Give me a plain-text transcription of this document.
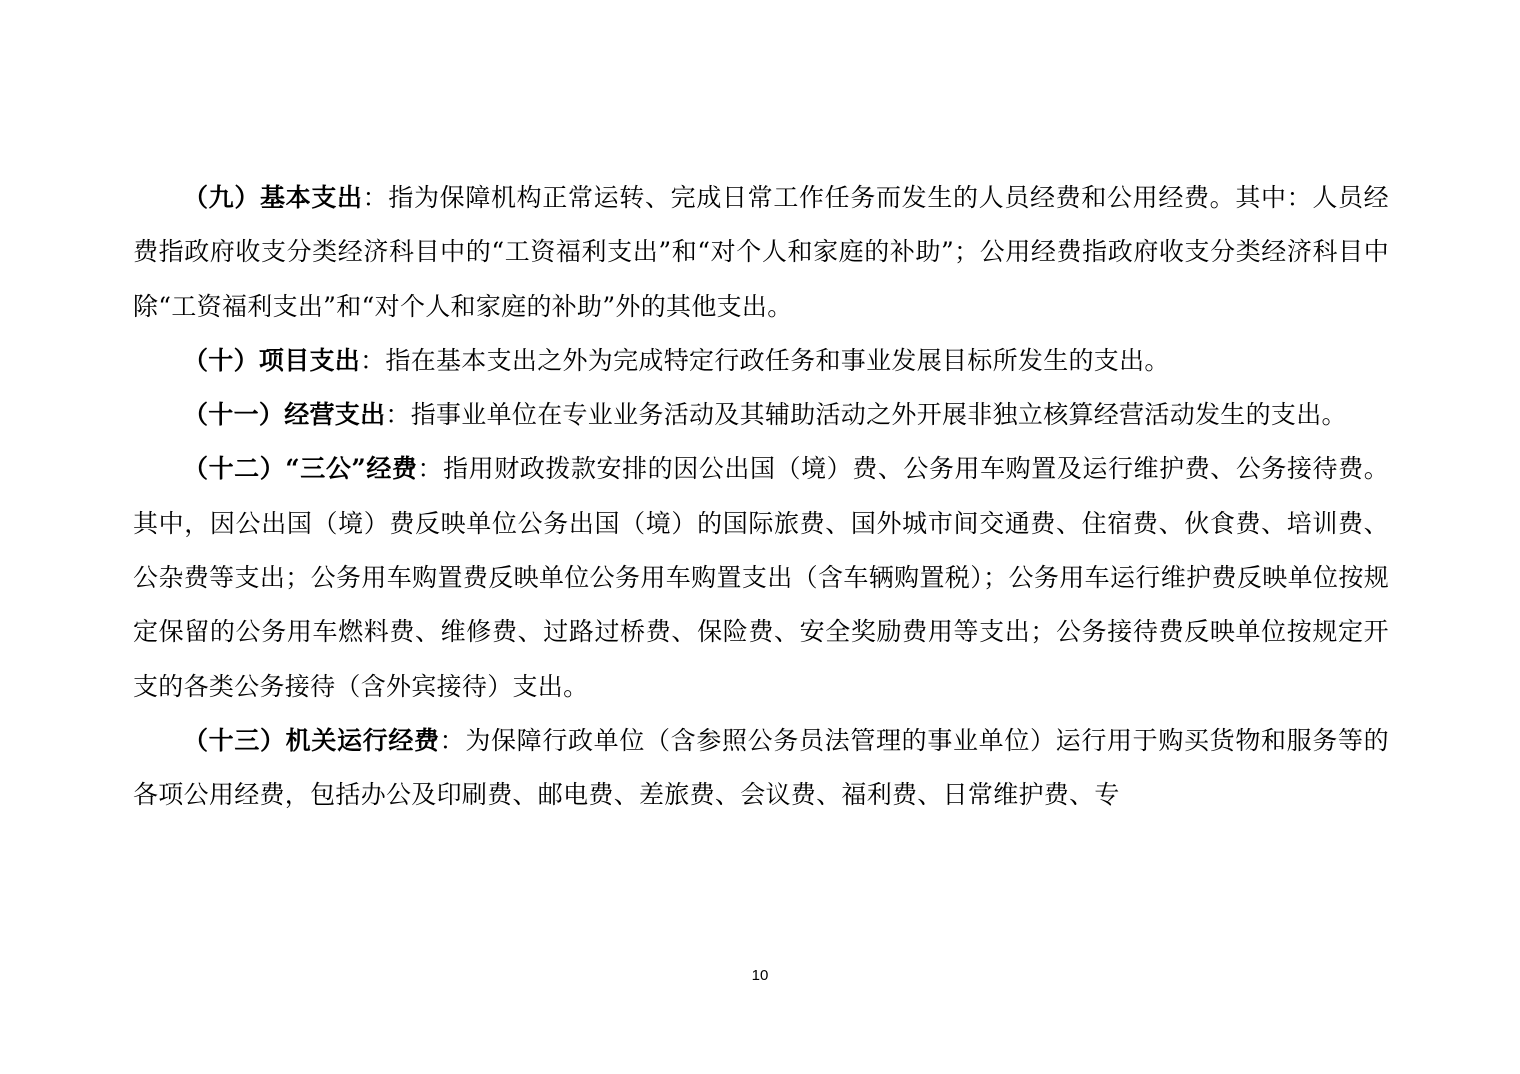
（九）基本支出：指为保障机构正常运转、完成日常工作任务而发生的人员经费和公用经费。其中：人员经费指政府收支分类经济科目中的“工资福利支出”和“对个人和家庭的补助”；公用经费指政府收支分类经济科目中除“工资福利支出”和“对个人和家庭的补助”外的其他支出。

（十）项目支出：指在基本支出之外为完成特定行政任务和事业发展目标所发生的支出。

（十一）经营支出：指事业单位在专业业务活动及其辅助活动之外开展非独立核算经营活动发生的支出。

（十二）“三公”经费：指用财政拨款安排的因公出国（境）费、公务用车购置及运行维护费、公务接待费。其中，因公出国（境）费反映单位公务出国（境）的国际旅费、国外城市间交通费、住宿费、伙食费、培训费、公杂费等支出；公务用车购置费反映单位公务用车购置支出（含车辆购置税）；公务用车运行维护费反映单位按规定保留的公务用车燃料费、维修费、过路过桥费、保险费、安全奖励费用等支出；公务接待费反映单位按规定开支的各类公务接待（含外宾接待）支出。

（十三）机关运行经费：为保障行政单位（含参照公务员法管理的事业单位）运行用于购买货物和服务等的各项公用经费，包括办公及印刷费、邮电费、差旅费、会议费、福利费、日常维护费、专

10
